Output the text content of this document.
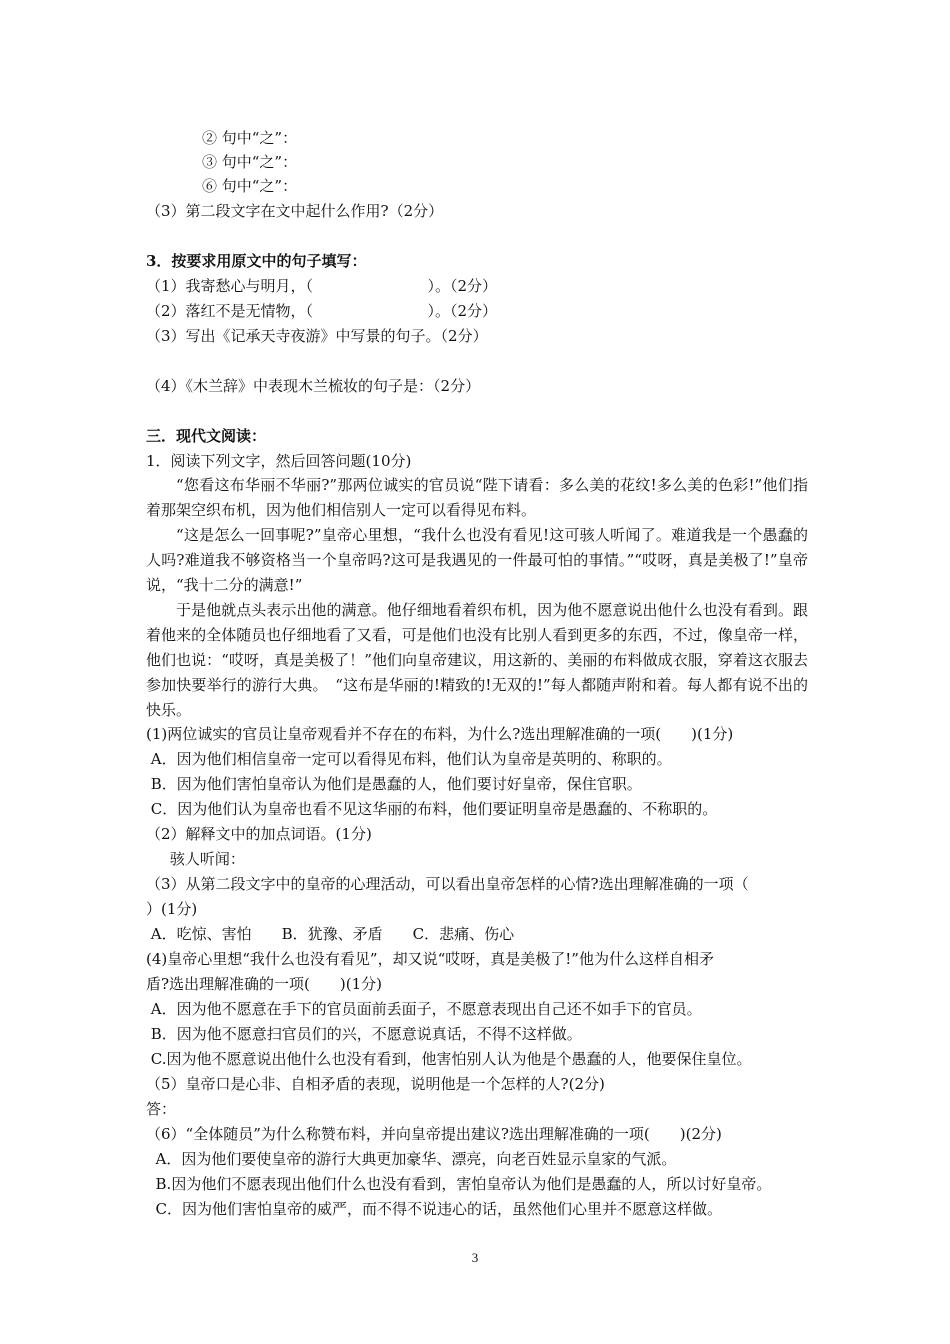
② 句中“之”：
③ 句中“之”：
⑥ 句中“之”：
（3）第二段文字在文中起什么作用?（2分）
3．按要求用原文中的句子填写：
（1）我寄愁心与明月，（                        ）。（2分）
（2）落红不是无情物，（                        ）。（2分）
（3）写出《记承天寺夜游》中写景的句子。（2分）
（4）《木兰辞》中表现木兰梳妆的句子是：（2分）
三．现代文阅读：
1．阅读下列文字，然后回答问题(10分)

“您看这布华丽不华丽?”那两位诚实的官员说“陛下请看：多么美的花纹!多么美的色彩!”他们指着那架空织布机，因为他们相信别人一定可以看得见布料。

“这是怎么一回事呢?”皇帝心里想，“我什么也没有看见!这可骇人听闻了。难道我是一个愚蠢的人吗?难道我不够资格当一个皇帝吗?这可是我遇见的一件最可怕的事情。”“哎呀，真是美极了!”皇帝说，“我十二分的满意!”

于是他就点头表示出他的满意。他仔细地看着织布机，因为他不愿意说出他什么也没有看到。跟着他来的全体随员也仔细地看了又看，可是他们也没有比别人看到更多的东西，不过，像皇帝一样，他们也说：“哎呀，真是美极了！”他们向皇帝建议，用这新的、美丽的布料做成衣服，穿着这衣服去参加快要举行的游行大典。　“这布是华丽的!精致的!无双的!”每人都随声附和着。每人都有说不出的快乐。

(1)两位诚实的官员让皇帝观看并不存在的布料，为什么?选出理解准确的一项(　　)(1分)
A．因为他们相信皇帝一定可以看得见布料，他们认为皇帝是英明的、称职的。
B．因为他们害怕皇帝认为他们是愚蠢的人，他们要讨好皇帝，保住官职。
C．因为他们认为皇帝也看不见这华丽的布料，他们要证明皇帝是愚蠢的、不称职的。
（2）解释文中的加点词语。(1分)
骇人听闻：
（3）从第二段文字中的皇帝的心理活动，可以看出皇帝怎样的心情?选出理解准确的一项（
）(1分)
A．吃惊、害怕　　B．犹豫、矛盾　　C．悲痛、伤心
(4)皇帝心里想“我什么也没有看见”，却又说“哎呀，真是美极了!”他为什么这样自相矛
盾?选出理解准确的一项(　　)(1分)
A．因为他不愿意在手下的官员面前丢面子，不愿意表现出自己还不如手下的官员。
B．因为他不愿意扫官员们的兴，不愿意说真话，不得不这样做。
C.因为他不愿意说出他什么也没有看到，他害怕别人认为他是个愚蠢的人，他要保住皇位。
（5）皇帝口是心非、自相矛盾的表现，说明他是一个怎样的人?(2分)
答：
（6）“全体随员”为什么称赞布料，并向皇帝提出建议?选出理解准确的一项(　　)(2分)
A．因为他们要使皇帝的游行大典更加豪华、漂亮，向老百姓显示皇家的气派。
B.因为他们不愿表现出他们什么也没有看到，害怕皇帝认为他们是愚蠢的人，所以讨好皇帝。
C．因为他们害怕皇帝的威严，而不得不说违心的话，虽然他们心里并不愿意这样做。
3
